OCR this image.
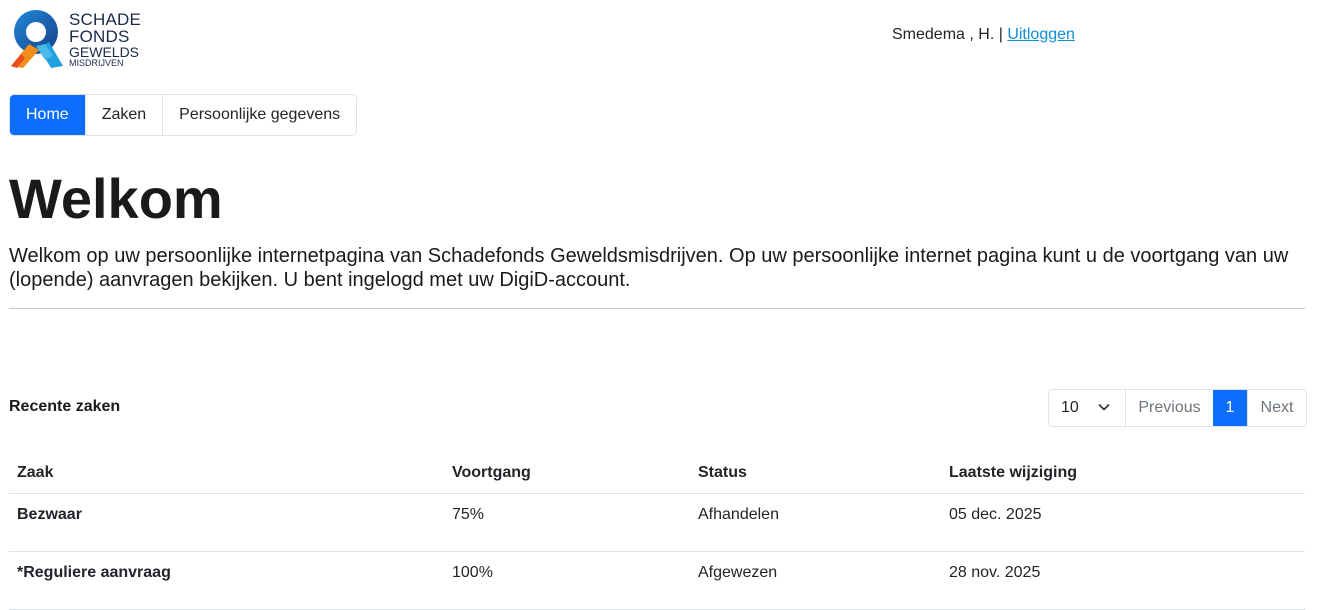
SCHADE
FONDS
GEWELDS
MISDRIJVEN
Smedema , H. | Uitloggen
Home	Zaken	Persoonlijke gegevens
Welkom

Welkom op uw persoonlijke internetpagina van Schadefonds Geweldsmisdrijven. Op uw persoonlijke internet pagina kunt u de voortgang van uw (lopende) aanvragen bekijken. U bent ingelogd met uw DigiD-account.

Recente zaken	10	Previous	1	Next
Zaak	Voortgang	Status	Laatste wijziging
Bezwaar	75%	Afhandelen	05 dec. 2025
*Reguliere aanvraag	100%	Afgewezen	28 nov. 2025
